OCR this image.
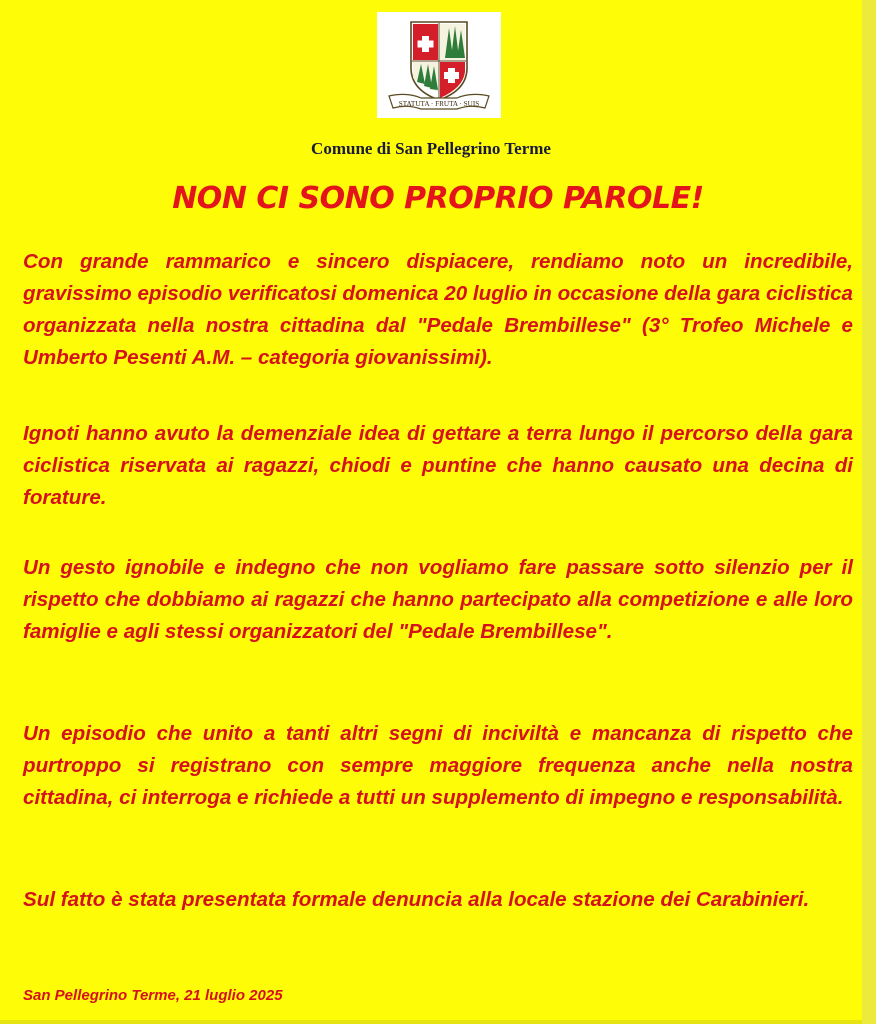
STATUTA · FRUTA · SUIS

Comune di San Pellegrino Terme

NON CI SONO PROPRIO PAROLE!

Con grande rammarico e sincero dispiacere, rendiamo noto un incredibile, gravissimo episodio verificatosi domenica 20 luglio in occasione della gara ciclistica organizzata nella nostra cittadina dal "Pedale Brembillese" (3° Trofeo Michele e Umberto Pesenti A.M. – categoria giovanissimi).

Ignoti hanno avuto la demenziale idea di gettare a terra lungo il percorso della gara ciclistica riservata ai ragazzi, chiodi e puntine che hanno causato una decina di forature.

Un gesto ignobile e indegno che non vogliamo fare passare sotto silenzio per il rispetto che dobbiamo ai ragazzi che hanno partecipato alla competizione e alle loro famiglie e agli stessi organizzatori del "Pedale Brembillese".

Un episodio che unito a tanti altri segni di inciviltà e mancanza di rispetto che purtroppo si registrano con sempre maggiore frequenza anche nella nostra cittadina, ci interroga e richiede a tutti un supplemento di impegno e responsabilità.

Sul fatto è stata presentata formale denuncia alla locale stazione dei Carabinieri.

San Pellegrino Terme, 21 luglio 2025
